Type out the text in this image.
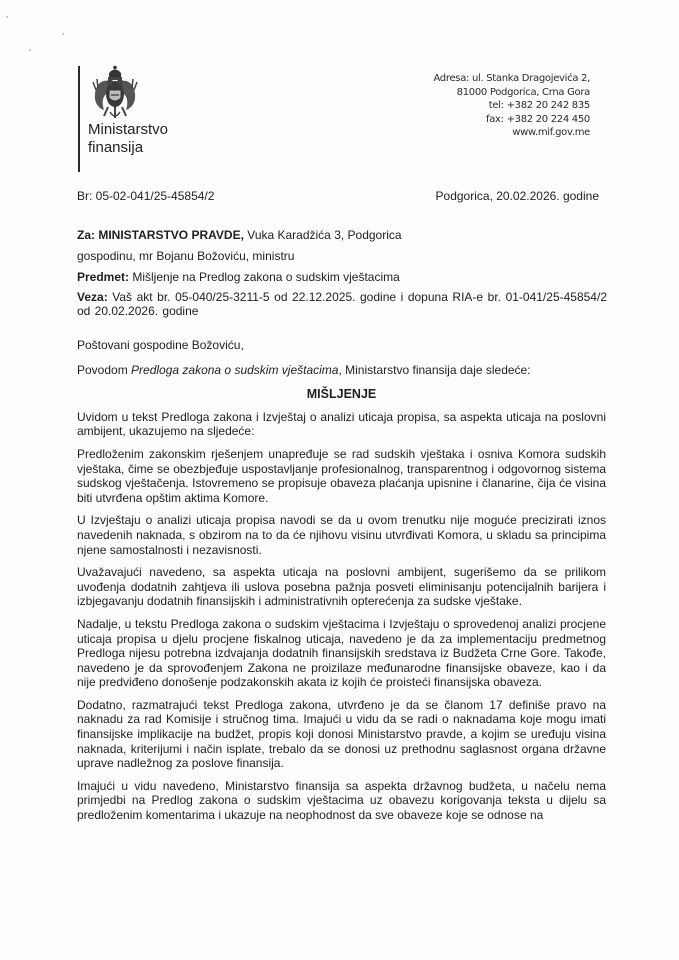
Ministarstvo
finansija
Adresa: ul. Stanka Dragojevića 2,
81000 Podgorica, Crna Gora
tel: +382 20 242 835
fax: +382 20 224 450
www.mif.gov.me
Br: 05-02-041/25-45854/2	Podgorica, 20.02.2026. godine

Za: MINISTARSTVO PRAVDE, Vuka Karadžića 3, Podgorica

gospodinu, mr Bojanu Božoviću, ministru

Predmet: Mišljenje na Predlog zakona o sudskim vještacima

Veza: Vaš akt br. 05-040/25-3211-5 od 22.12.2025. godine i dopuna RIA-e br. 01-041/25-45854/2 od 20.02.2026. godine

Poštovani gospodine Božoviću,

Povodom Predloga zakona o sudskim vještacima, Ministarstvo finansija daje sledeće:

MIŠLJENJE

Uvidom u tekst Predloga zakona i Izvještaj o analizi uticaja propisa, sa aspekta uticaja na poslovni ambijent, ukazujemo na sljedeće:

Predloženim zakonskim rješenjem unapređuje se rad sudskih vještaka i osniva Komora sudskih vještaka, čime se obezbjeđuje uspostavljanje profesionalnog, transparentnog i odgovornog sistema sudskog vještačenja. Istovremeno se propisuje obaveza plaćanja upisnine i članarine, čija će visina biti utvrđena opštim aktima Komore.

U Izvještaju o analizi uticaja propisa navodi se da u ovom trenutku nije moguće precizirati iznos navedenih naknada, s obzirom na to da će njihovu visinu utvrđivati Komora, u skladu sa principima njene samostalnosti i nezavisnosti.

Uvažavajući navedeno, sa aspekta uticaja na poslovni ambijent, sugerišemo da se prilikom uvođenja dodatnih zahtjeva ili uslova posebna pažnja posveti eliminisanju potencijalnih barijera i izbjegavanju dodatnih finansijskih i administrativnih opterećenja za sudske vještake.

Nadalje, u tekstu Predloga zakona o sudskim vještacima i Izvještaju o sprovedenoj analizi procjene uticaja propisa u djelu procjene fiskalnog uticaja, navedeno je da za implementaciju predmetnog Predloga nijesu potrebna izdvajanja dodatnih finansijskih sredstava iz Budžeta Crne Gore. Takođe, navedeno je da sprovođenjem Zakona ne proizilaze međunarodne finansijske obaveze, kao i da nije predviđeno donošenje podzakonskih akata iz kojih će proisteći finansijska obaveza.

Dodatno, razmatrajući tekst Predloga zakona, utvrđeno je da se članom 17 definiše pravo na naknadu za rad Komisije i stručnog tima. Imajući u vidu da se radi o naknadama koje mogu imati finansijske implikacije na budžet, propis koji donosi Ministarstvo pravde, a kojim se uređuju visina naknada, kriterijumi i način isplate, trebalo da se donosi uz prethodnu saglasnost organa državne uprave nadležnog za poslove finansija.

Imajući u vidu navedeno, Ministarstvo finansija sa aspekta državnog budžeta, u načelu nema primjedbi na Predlog zakona o sudskim vještacima uz obavezu korigovanja teksta u dijelu sa predloženim komentarima i ukazuje na neophodnost da sve obaveze koje se odnose na
